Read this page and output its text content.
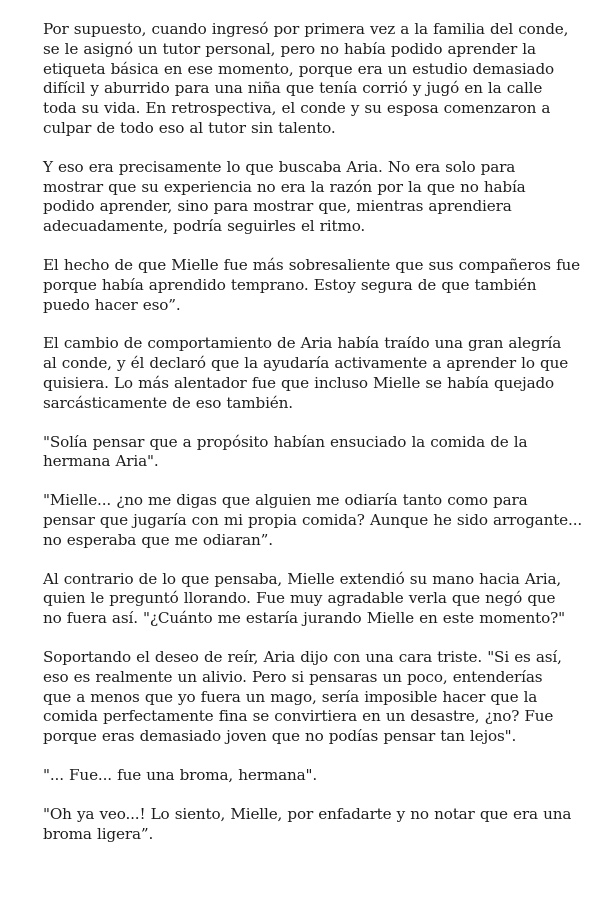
Por supuesto, cuando ingresó por primera vez a la familia del conde,
se le asignó un tutor personal, pero no había podido aprender la
etiqueta básica en ese momento, porque era un estudio demasiado
difícil y aburrido para una niña que tenía corrió y jugó en la calle
toda su vida. En retrospectiva, el conde y su esposa comenzaron a
culpar de todo eso al tutor sin talento.

Y eso era precisamente lo que buscaba Aria. No era solo para
mostrar que su experiencia no era la razón por la que no había
podido aprender, sino para mostrar que, mientras aprendiera
adecuadamente, podría seguirles el ritmo.

El hecho de que Mielle fue más sobresaliente que sus compañeros fue
porque había aprendido temprano. Estoy segura de que también
puedo hacer eso”.

El cambio de comportamiento de Aria había traído una gran alegría
al conde, y él declaró que la ayudaría activamente a aprender lo que
quisiera. Lo más alentador fue que incluso Mielle se había quejado
sarcásticamente de eso también.

"Solía pensar que a propósito habían ensuciado la comida de la
hermana Aria".

"Mielle... ¿no me digas que alguien me odiaría tanto como para
pensar que jugaría con mi propia comida? Aunque he sido arrogante...
no esperaba que me odiaran”.

Al contrario de lo que pensaba, Mielle extendió su mano hacia Aria,
quien le preguntó llorando. Fue muy agradable verla que negó que
no fuera así. "¿Cuánto me estaría jurando Mielle en este momento?"

Soportando el deseo de reír, Aria dijo con una cara triste. "Si es así,
eso es realmente un alivio. Pero si pensaras un poco, entenderías
que a menos que yo fuera un mago, sería imposible hacer que la
comida perfectamente fina se convirtiera en un desastre, ¿no? Fue
porque eras demasiado joven que no podías pensar tan lejos".

"... Fue... fue una broma, hermana".

"Oh ya veo...! Lo siento, Mielle, por enfadarte y no notar que era una
broma ligera”.
